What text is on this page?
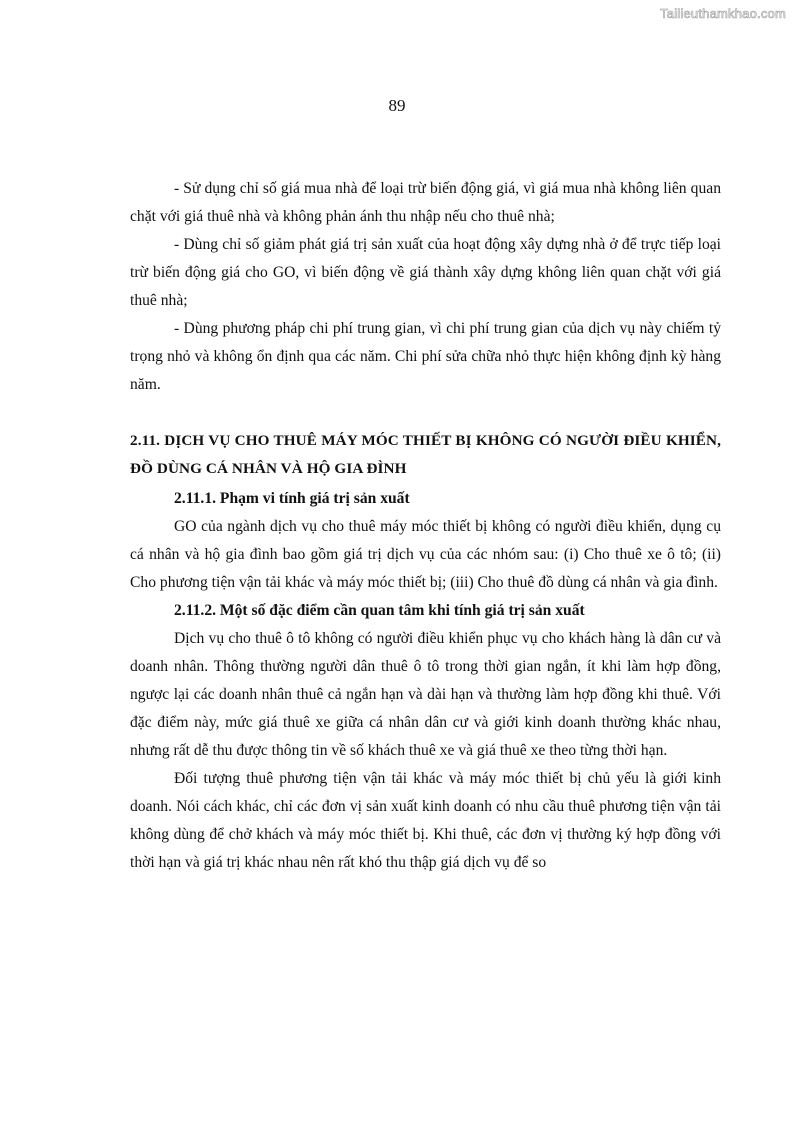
Tailieuthamkhao.com
89

- Sử dụng chỉ số giá mua nhà để loại trừ biến động giá, vì giá mua nhà không liên quan chặt với giá thuê nhà và không phản ánh thu nhập nếu cho thuê nhà;

- Dùng chỉ số giảm phát giá trị sản xuất của hoạt động xây dựng nhà ở để trực tiếp loại trừ biến động giá cho GO, vì biến động về giá thành xây dựng không liên quan chặt với giá thuê nhà;

- Dùng phương pháp chi phí trung gian, vì chi phí trung gian của dịch vụ này chiếm tỷ trọng nhỏ và không ổn định qua các năm. Chi phí sửa chữa nhỏ thực hiện không định kỳ hàng năm.

2.11. DỊCH VỤ CHO THUÊ MÁY MÓC THIẾT BỊ KHÔNG CÓ NGƯỜI ĐIỀU KHIỂN, ĐỒ DÙNG CÁ NHÂN VÀ HỘ GIA ĐÌNH

2.11.1. Phạm vi tính giá trị sản xuất

GO của ngành dịch vụ cho thuê máy móc thiết bị không có người điều khiển, dụng cụ cá nhân và hộ gia đình bao gồm giá trị dịch vụ của các nhóm sau: (i) Cho thuê xe ô tô; (ii) Cho phương tiện vận tải khác và máy móc thiết bị; (iii) Cho thuê đồ dùng cá nhân và gia đình.

2.11.2. Một số đặc điểm cần quan tâm khi tính giá trị sản xuất

Dịch vụ cho thuê ô tô không có người điều khiển phục vụ cho khách hàng là dân cư và doanh nhân. Thông thường người dân thuê ô tô trong thời gian ngắn, ít khi làm hợp đồng, ngược lại các doanh nhân thuê cả ngắn hạn và dài hạn và thường làm hợp đồng khi thuê. Với đặc điểm này, mức giá thuê xe giữa cá nhân dân cư và giới kinh doanh thường khác nhau, nhưng rất dễ thu được thông tin về số khách thuê xe và giá thuê xe theo từng thời hạn.

Đối tượng thuê phương tiện vận tải khác và máy móc thiết bị chủ yếu là giới kinh doanh. Nói cách khác, chỉ các đơn vị sản xuất kinh doanh có nhu cầu thuê phương tiện vận tải không dùng để chở khách và máy móc thiết bị. Khi thuê, các đơn vị thường ký hợp đồng với thời hạn và giá trị khác nhau nên rất khó thu thập giá dịch vụ để so
